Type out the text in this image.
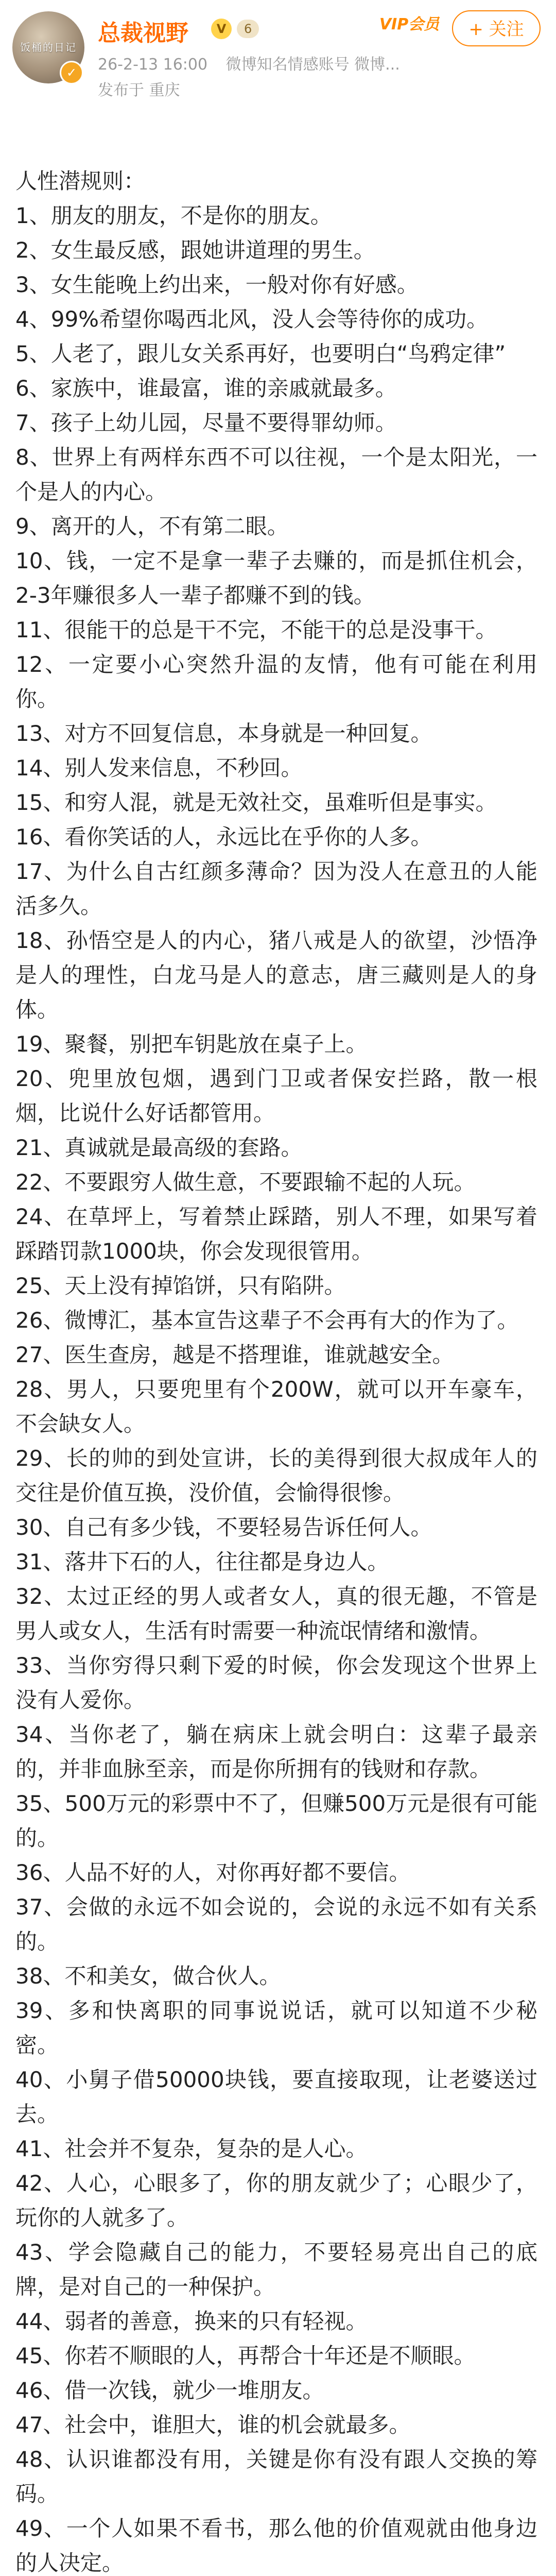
饭桶的日记
✓
总裁视野	V	6
26-2-13 16:00 微博知名情感账号 微博...
发布于 重庆
VIP会员	+ 关注
人性潜规则：
1、朋友的朋友，不是你的朋友。
2、女生最反感，跟她讲道理的男生。
3、女生能晚上约出来，一般对你有好感。
4、99%希望你喝西北风，没人会等待你的成功。
5、人老了，跟儿女关系再好，也要明白“鸟鸦定律”
6、家族中，谁最富，谁的亲戚就最多。
7、孩子上幼儿园，尽量不要得罪幼师。
8、世界上有两样东西不可以往视，一个是太阳光，一个是人的内心。
9、离开的人，不有第二眼。
10、钱，一定不是拿一辈子去赚的，而是抓住机会，2-3年赚很多人一辈子都赚不到的钱。
11、很能干的总是干不完，不能干的总是没事干。
12、一定要小心突然升温的友情，他有可能在利用你。
13、对方不回复信息，本身就是一种回复。
14、别人发来信息，不秒回。
15、和穷人混，就是无效社交，虽难听但是事实。
16、看你笑话的人，永远比在乎你的人多。
17、为什么自古红颜多薄命？因为没人在意丑的人能活多久。
18、孙悟空是人的内心，猪八戒是人的欲望，沙悟净是人的理性，白龙马是人的意志，唐三藏则是人的身体。
19、聚餐，别把车钥匙放在桌子上。
20、兜里放包烟，遇到门卫或者保安拦路，散一根烟，比说什么好话都管用。
21、真诚就是最高级的套路。
22、不要跟穷人做生意，不要跟输不起的人玩。
24、在草坪上，写着禁止踩踏，别人不理，如果写着踩踏罚款1000块，你会发现很管用。
25、天上没有掉馅饼，只有陷阱。
26、微博汇，基本宣告这辈子不会再有大的作为了。
27、医生查房，越是不搭理谁，谁就越安全。
28、男人，只要兜里有个200W，就可以开车豪车，不会缺女人。
29、长的帅的到处宣讲，长的美得到很大叔成年人的交往是价值互换，没价值，会愉得很惨。
30、自己有多少钱，不要轻易告诉任何人。
31、落井下石的人，往往都是身边人。
32、太过正经的男人或者女人，真的很无趣，不管是男人或女人，生活有时需要一种流氓情绪和激情。
33、当你穷得只剩下爱的时候，你会发现这个世界上没有人爱你。
34、当你老了，躺在病床上就会明白：这辈子最亲的，并非血脉至亲，而是你所拥有的钱财和存款。
35、500万元的彩票中不了，但赚500万元是很有可能的。
36、人品不好的人，对你再好都不要信。
37、会做的永远不如会说的，会说的永远不如有关系的。
38、不和美女，做合伙人。
39、多和快离职的同事说说话，就可以知道不少秘密。
40、小舅子借50000块钱，要直接取现，让老婆送过去。
41、社会并不复杂，复杂的是人心。
42、人心，心眼多了，你的朋友就少了；心眼少了，玩你的人就多了。
43、学会隐藏自己的能力，不要轻易亮出自己的底牌，是对自己的一种保护。
44、弱者的善意，换来的只有轻视。
45、你若不顺眼的人，再帮合十年还是不顺眼。
46、借一次钱，就少一堆朋友。
47、社会中，谁胆大，谁的机会就最多。
48、认识谁都没有用，关键是你有没有跟人交换的筹码。
49、一个人如果不看书，那么他的价值观就由他身边的人决定。
